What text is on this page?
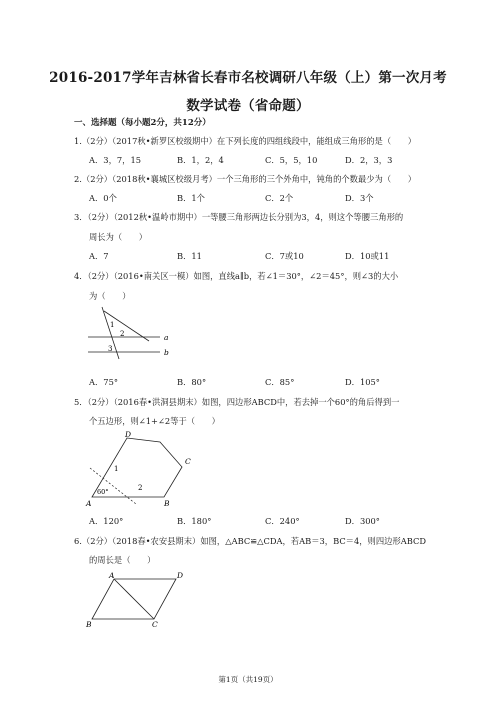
2016-2017学年吉林省长春市名校调研八年级（上）第一次月考
数学试卷（省命题）
一、选择题（每小题2分，共12分）
1.（2分）（2017秋•新罗区校级期中）在下列长度的四组线段中，能组成三角形的是（　　）
A．3，7，15	B．1，2，4	C．5，5，10	D．2，3，3
2.（2分）（2018秋•襄城区校级月考）一个三角形的三个外角中，钝角的个数最少为（　　）
A．0个	B．1个	C．2个	D．3个
3．（2分）（2012秋•温岭市期中）一等腰三角形两边长分别为3，4，则这个等腰三角形的
周长为（　　）
A．7	B．11	C．7或10	D．10或11
4．（2分）（2016•南关区一模）如图，直线a∥b，若∠1＝30°，∠2＝45°，则∠3的大小
为（　　）
1
2
3
a
b
A．75°	B．80°	C．85°	D．105°
5．（2分）（2016春•洪洞县期末）如图，四边形ABCD中，若去掉一个60°的角后得到一
个五边形，则∠1+∠2等于（　　）
D
C
1
2
60°
A	B
A．120°	B．180°	C．240°	D．300°
6.（2分）（2018春•农安县期末）如图，△ABC≌△CDA，若AB＝3，BC＝4，则四边形ABCD
的周长是（　　）
A	D
B	C
第1页（共19页）
